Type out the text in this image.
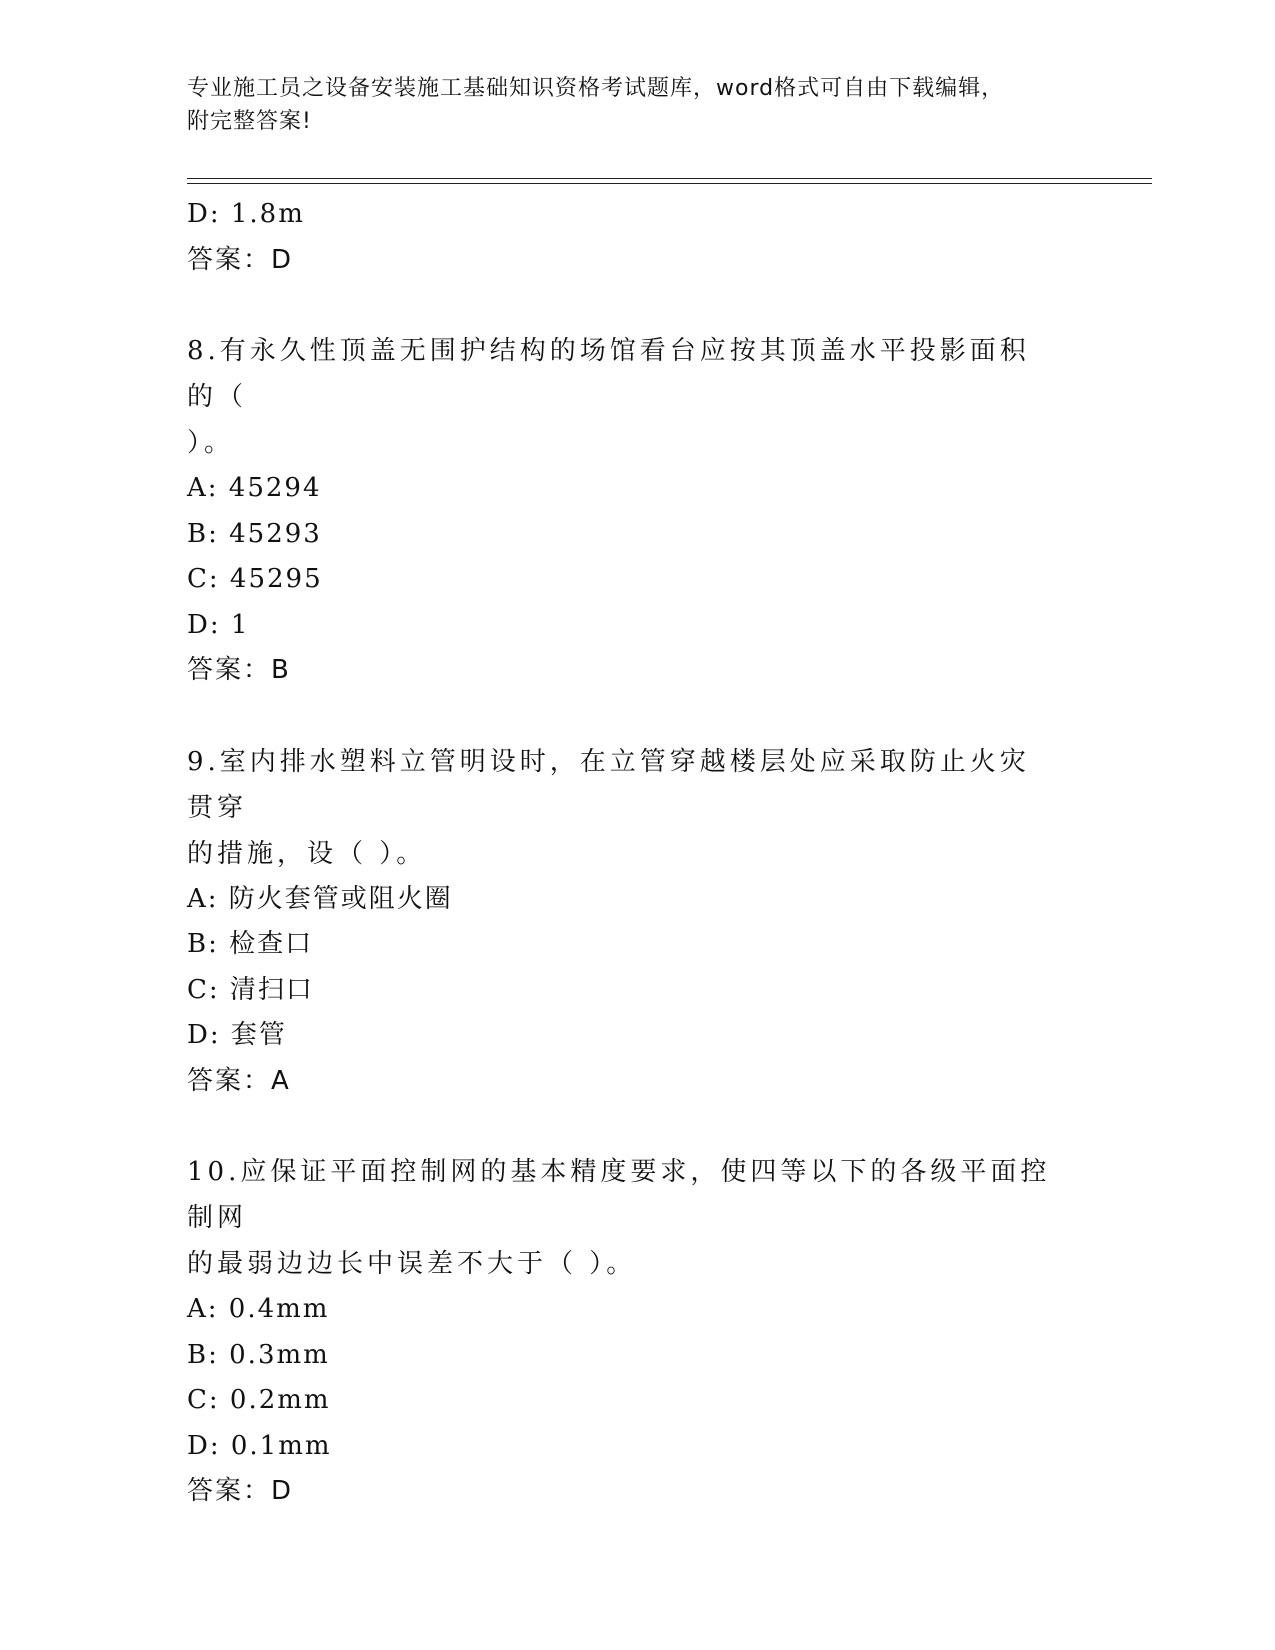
专业施工员之设备安装施工基础知识资格考试题库，word格式可自由下载编辑，
附完整答案!
D: 1.8m
答案：D
8.有永久性顶盖无围护结构的场馆看台应按其顶盖水平投影面积的（
）。
A: 45294
B: 45293
C: 45295
D: 1
答案：B
9.室内排水塑料立管明设时，在立管穿越楼层处应采取防止火灾贯穿
的措施，设（ ）。
A: 防火套管或阻火圈
B: 检查口
C: 清扫口
D: 套管
答案：A
10.应保证平面控制网的基本精度要求，使四等以下的各级平面控制网
的最弱边边长中误差不大于（ ）。
A: 0.4mm
B: 0.3mm
C: 0.2mm
D: 0.1mm
答案：D
